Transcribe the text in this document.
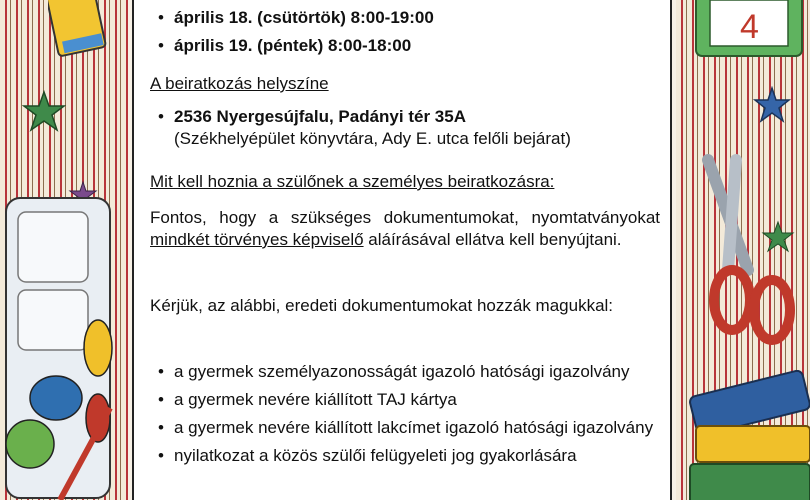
4
• április 18. (csütörtök) 8:00-19:00
• április 19. (péntek) 8:00-18:00
A beiratkozás helyszíne
• 2536 Nyergesújfalu, Padányi tér 35A
(Székhelyépület könyvtára, Ady E. utca felőli bejárat)
Mit kell hoznia a szülőnek a személyes beiratkozásra:
Fontos, hogy a szükséges dokumentumokat, nyomtatványokat mindkét törvényes képviselő aláírásával ellátva kell benyújtani.
Kérjük, az alábbi, eredeti dokumentumokat hozzák magukkal:
• a gyermek személyazonosságát igazoló hatósági igazolvány
• a gyermek nevére kiállított TAJ kártya
• a gyermek nevére kiállított lakcímet igazoló hatósági igazolvány
• nyilatkozat a közös szülői felügyeleti jog gyakorlására
